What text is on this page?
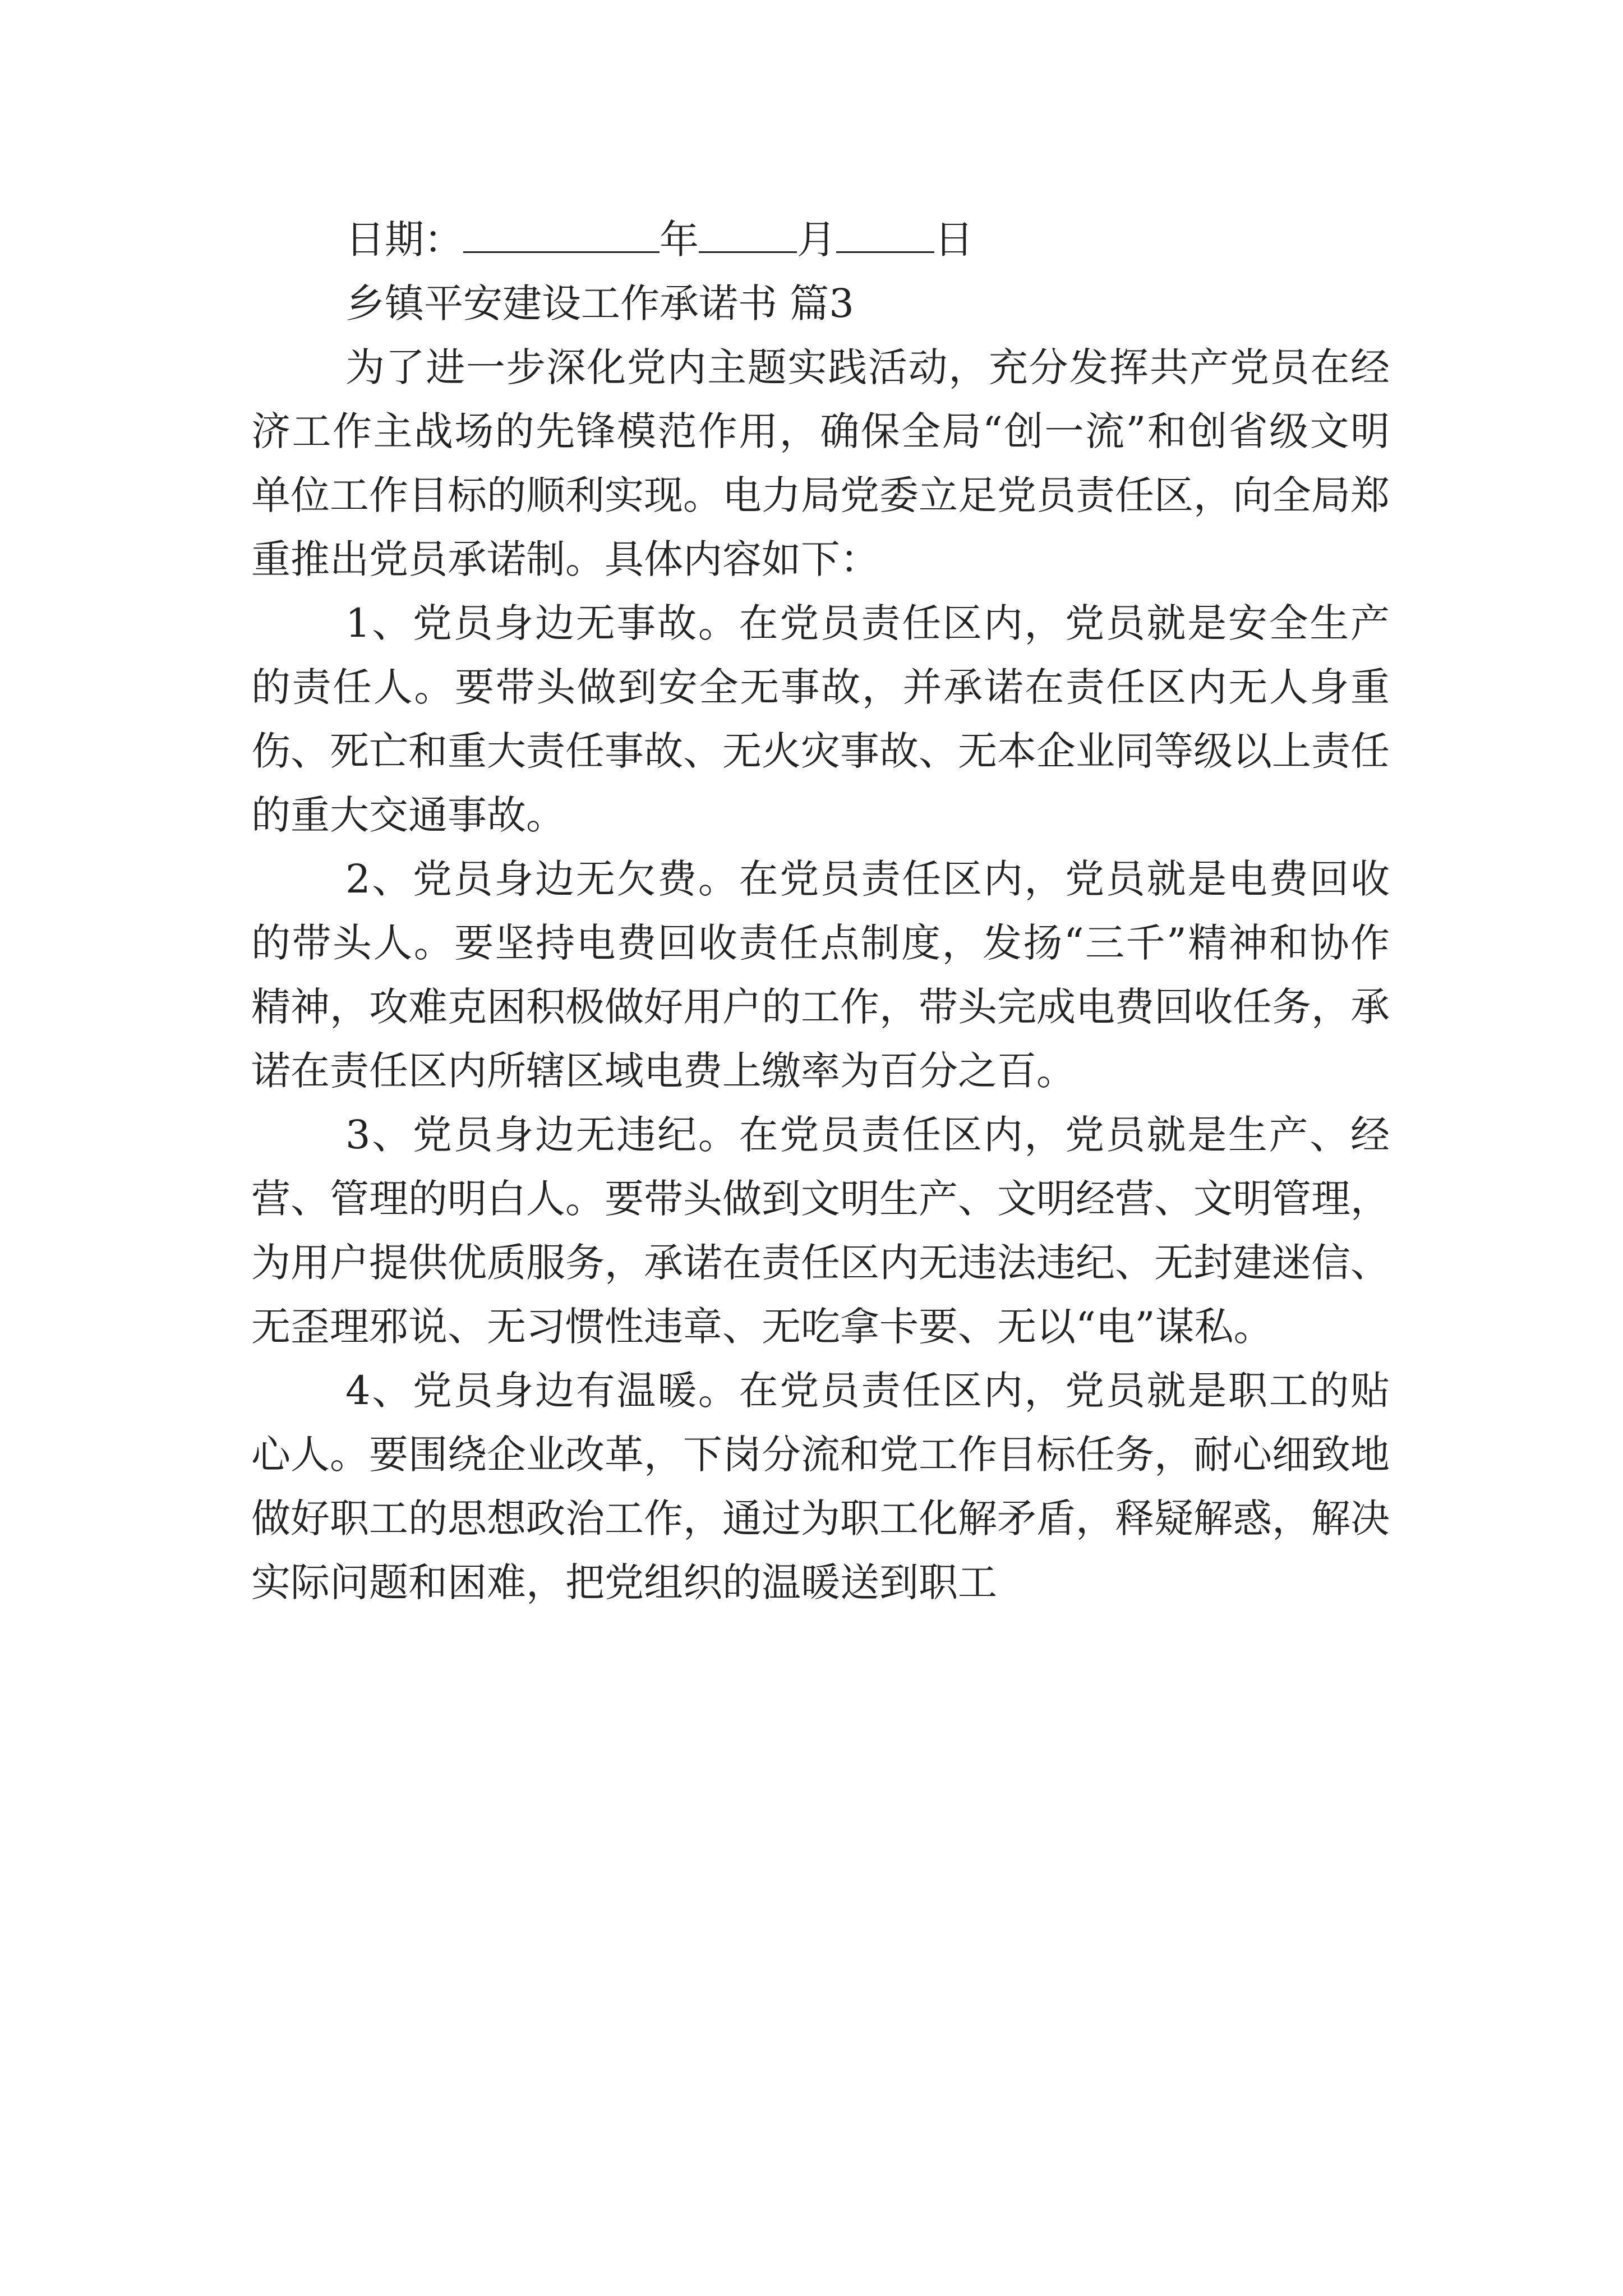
日期：	年	月	日

乡镇平安建设工作承诺书 篇3

为了进一步深化党内主题实践活动，充分发挥共产党员在经济工作主战场的先锋模范作用，确保全局“创一流”和创省级文明单位工作目标的顺利实现。电力局党委立足党员责任区，向全局郑重推出党员承诺制。具体内容如下：

1、党员身边无事故。在党员责任区内，党员就是安全生产的责任人。要带头做到安全无事故，并承诺在责任区内无人身重伤、死亡和重大责任事故、无火灾事故、无本企业同等级以上责任的重大交通事故。

2、党员身边无欠费。在党员责任区内，党员就是电费回收的带头人。要坚持电费回收责任点制度，发扬“三千”精神和协作精神，攻难克困积极做好用户的工作，带头完成电费回收任务，承诺在责任区内所辖区域电费上缴率为百分之百。

3、党员身边无违纪。在党员责任区内，党员就是生产、经营、管理的明白人。要带头做到文明生产、文明经营、文明管理，为用户提供优质服务，承诺在责任区内无违法违纪、无封建迷信、无歪理邪说、无习惯性违章、无吃拿卡要、无以“电”谋私。

4、党员身边有温暖。在党员责任区内，党员就是职工的贴心人。要围绕企业改革，下岗分流和党工作目标任务，耐心细致地做好职工的思想政治工作，通过为职工化解矛盾，释疑解惑，解决实际问题和困难，把党组织的温暖送到职工
